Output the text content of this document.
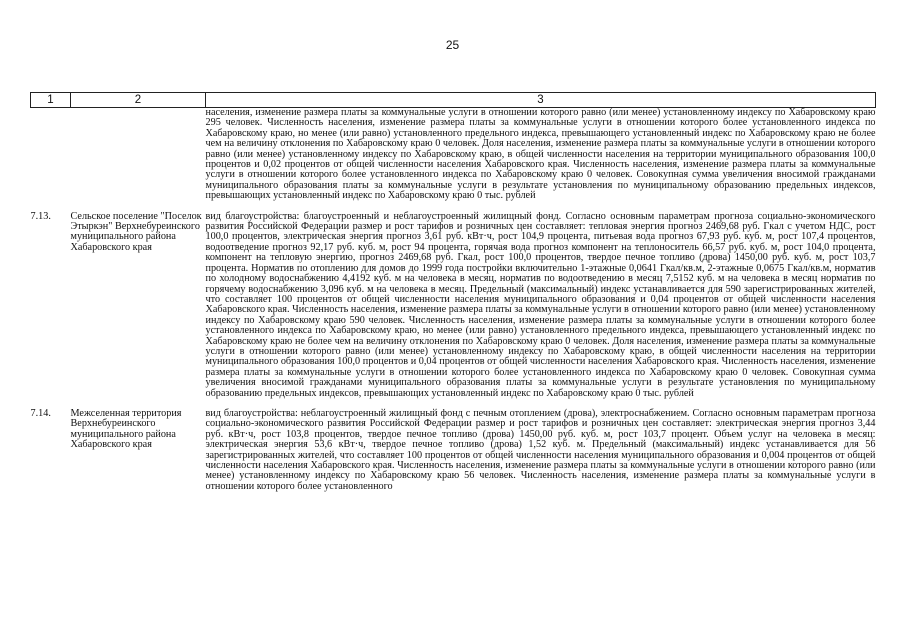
25
1	2	3
		населения, изменение размера платы за коммунальные услуги в отношении которого равно (или менее) установленному индексу по Хабаровскому краю 295 человек. Численность населения, изменение размера платы за коммунальные услуги в отношении которого более установленного индекса по Хабаровскому краю, но менее (или равно) установленного предельного индекса, превышающего установленный индекс по Хабаровскому краю не более чем на величину отклонения по Хабаровскому краю 0 человек. Доля населения, изменение размера платы за коммунальные услуги в отношении которого равно (или менее) установленному индексу по Хабаровскому краю, в общей численности населения на территории муниципального образования 100,0 процентов и 0,02 процентов от общей численности населения Хабаровского края. Численность населения, изменение размера платы за коммунальные услуги в отношении которого более установленного индекса по Хабаровскому краю 0 человек. Совокупная сумма увеличения вносимой гражданами муниципального образования платы за коммунальные услуги в результате установления по муниципальному образованию предельных индексов, превышающих установленный индекс по Хабаровскому краю 0 тыс. рублей

7.13.	Сельское поселение "Поселок Этыркэн" Верхнебуреинского муниципального района Хабаровского края	вид благоустройства: благоустроенный и неблагоустроенный жилищный фонд. Согласно основным параметрам прогноза социально-экономического развития Российской Федерации размер и рост тарифов и розничных цен составляет: тепловая энергия прогноз 2469,68 руб. Гкал с учетом НДС, рост 100,0 процентов, электрическая энергия прогноз 3,61 руб. кВт·ч, рост 104,9 процента, питьевая вода прогноз 67,93 руб. куб. м, рост 107,4 процентов, водоотведение прогноз 92,17 руб. куб. м, рост 94 процента, горячая вода прогноз компонент на теплоноситель 66,57 руб. куб. м, рост 104,0 процента, компонент на тепловую энергию, прогноз 2469,68 руб. Гкал, рост 100,0 процентов, твердое печное топливо (дрова) 1450,00 руб. куб. м, рост 103,7 процента. Норматив по отоплению для домов до 1999 года постройки включительно 1-этажные 0,0641 Гкал/кв.м, 2-этажные 0,0675 Гкал/кв.м, норматив по холодному водоснабжению 4,4192 куб. м на человека в месяц, норматив по водоотведению в месяц 7,5152 куб. м на человека в месяц норматив по горячему водоснабжению 3,096 куб. м на человека в месяц. Предельный (максимальный) индекс устанавливается для 590 зарегистрированных жителей, что составляет 100 процентов от общей численности населения муниципального образования и 0,04 процентов от общей численности населения Хабаровского края. Численность населения, изменение размера платы за коммунальные услуги в отношении которого равно (или менее) установленному индексу по Хабаровскому краю 590 человек. Численность населения, изменение размера платы за коммунальные услуги в отношении которого более установленного индекса по Хабаровскому краю, но менее (или равно) установленного предельного индекса, превышающего установленный индекс по Хабаровскому краю не более чем на величину отклонения по Хабаровскому краю 0 человек. Доля населения, изменение размера платы за коммунальные услуги в отношении которого равно (или менее) установленному индексу по Хабаровскому краю, в общей численности населения на территории муниципального образования 100,0 процентов и 0,04 процентов от общей численности населения Хабаровского края. Численность населения, изменение размера платы за коммунальные услуги в отношении которого более установленного индекса по Хабаровскому краю 0 человек. Совокупная сумма увеличения вносимой гражданами муниципального образования платы за коммунальные услуги в результате установления по муниципальному образованию предельных индексов, превышающих установленный индекс по Хабаровскому краю 0 тыс. рублей

7.14.	Межселенная территория Верхнебуреинского муниципального района Хабаровского края	вид благоустройства: неблагоустроенный жилищный фонд с печным отоплением (дрова), электроснабжением. Согласно основным параметрам прогноза социально-экономического развития Российской Федерации размер и рост тарифов и розничных цен составляет: электрическая энергия прогноз 3,44 руб. кВт·ч, рост 103,8 процентов, твердое печное топливо (дрова) 1450,00 руб. куб. м, рост 103,7 процент. Объем услуг на человека в месяц: электрическая энергия 53,6 кВт·ч, твердое печное топливо (дрова) 1,52 куб. м. Предельный (максимальный) индекс устанавливается для 56 зарегистрированных жителей, что составляет 100 процентов от общей численности населения муниципального образования и 0,004 процентов от общей численности населения Хабаровского края. Численность населения, изменение размера платы за коммунальные услуги в отношении которого равно (или менее) установленному индексу по Хабаровскому краю 56 человек. Численность населения, изменение размера платы за коммунальные услуги в отношении которого более установленного
